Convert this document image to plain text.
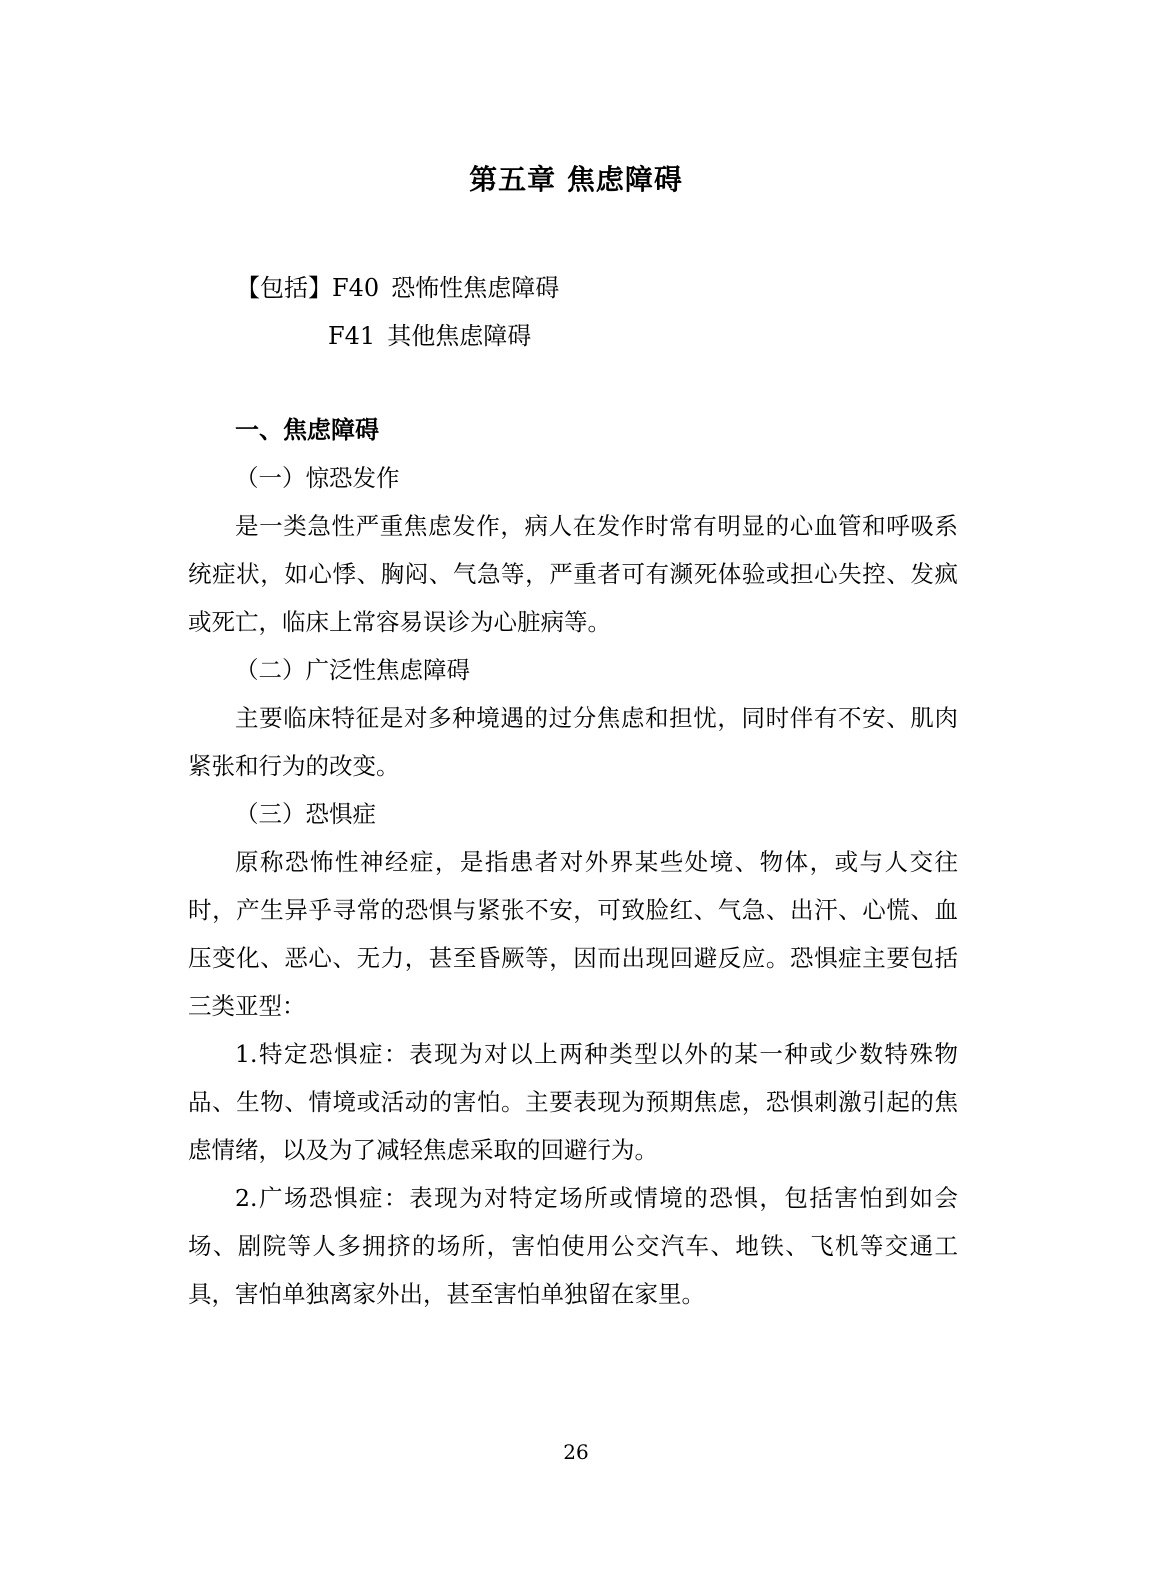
第五章 焦虑障碍
【包括】F40 恐怖性焦虑障碍
F41 其他焦虑障碍
一、焦虑障碍
（一）惊恐发作

是一类急性严重焦虑发作，病人在发作时常有明显的心血管和呼吸系统症状，如心悸、胸闷、气急等，严重者可有濒死体验或担心失控、发疯或死亡，临床上常容易误诊为心脏病等。

（二）广泛性焦虑障碍

主要临床特征是对多种境遇的过分焦虑和担忧，同时伴有不安、肌肉紧张和行为的改变。

（三）恐惧症

原称恐怖性神经症，是指患者对外界某些处境、物体，或与人交往时，产生异乎寻常的恐惧与紧张不安，可致脸红、气急、出汗、心慌、血压变化、恶心、无力，甚至昏厥等，因而出现回避反应。恐惧症主要包括三类亚型：

1.特定恐惧症：表现为对以上两种类型以外的某一种或少数特殊物品、生物、情境或活动的害怕。主要表现为预期焦虑，恐惧刺激引起的焦虑情绪，以及为了减轻焦虑采取的回避行为。

2.广场恐惧症：表现为对特定场所或情境的恐惧，包括害怕到如会场、剧院等人多拥挤的场所，害怕使用公交汽车、地铁、飞机等交通工具，害怕单独离家外出，甚至害怕单独留在家里。

26
